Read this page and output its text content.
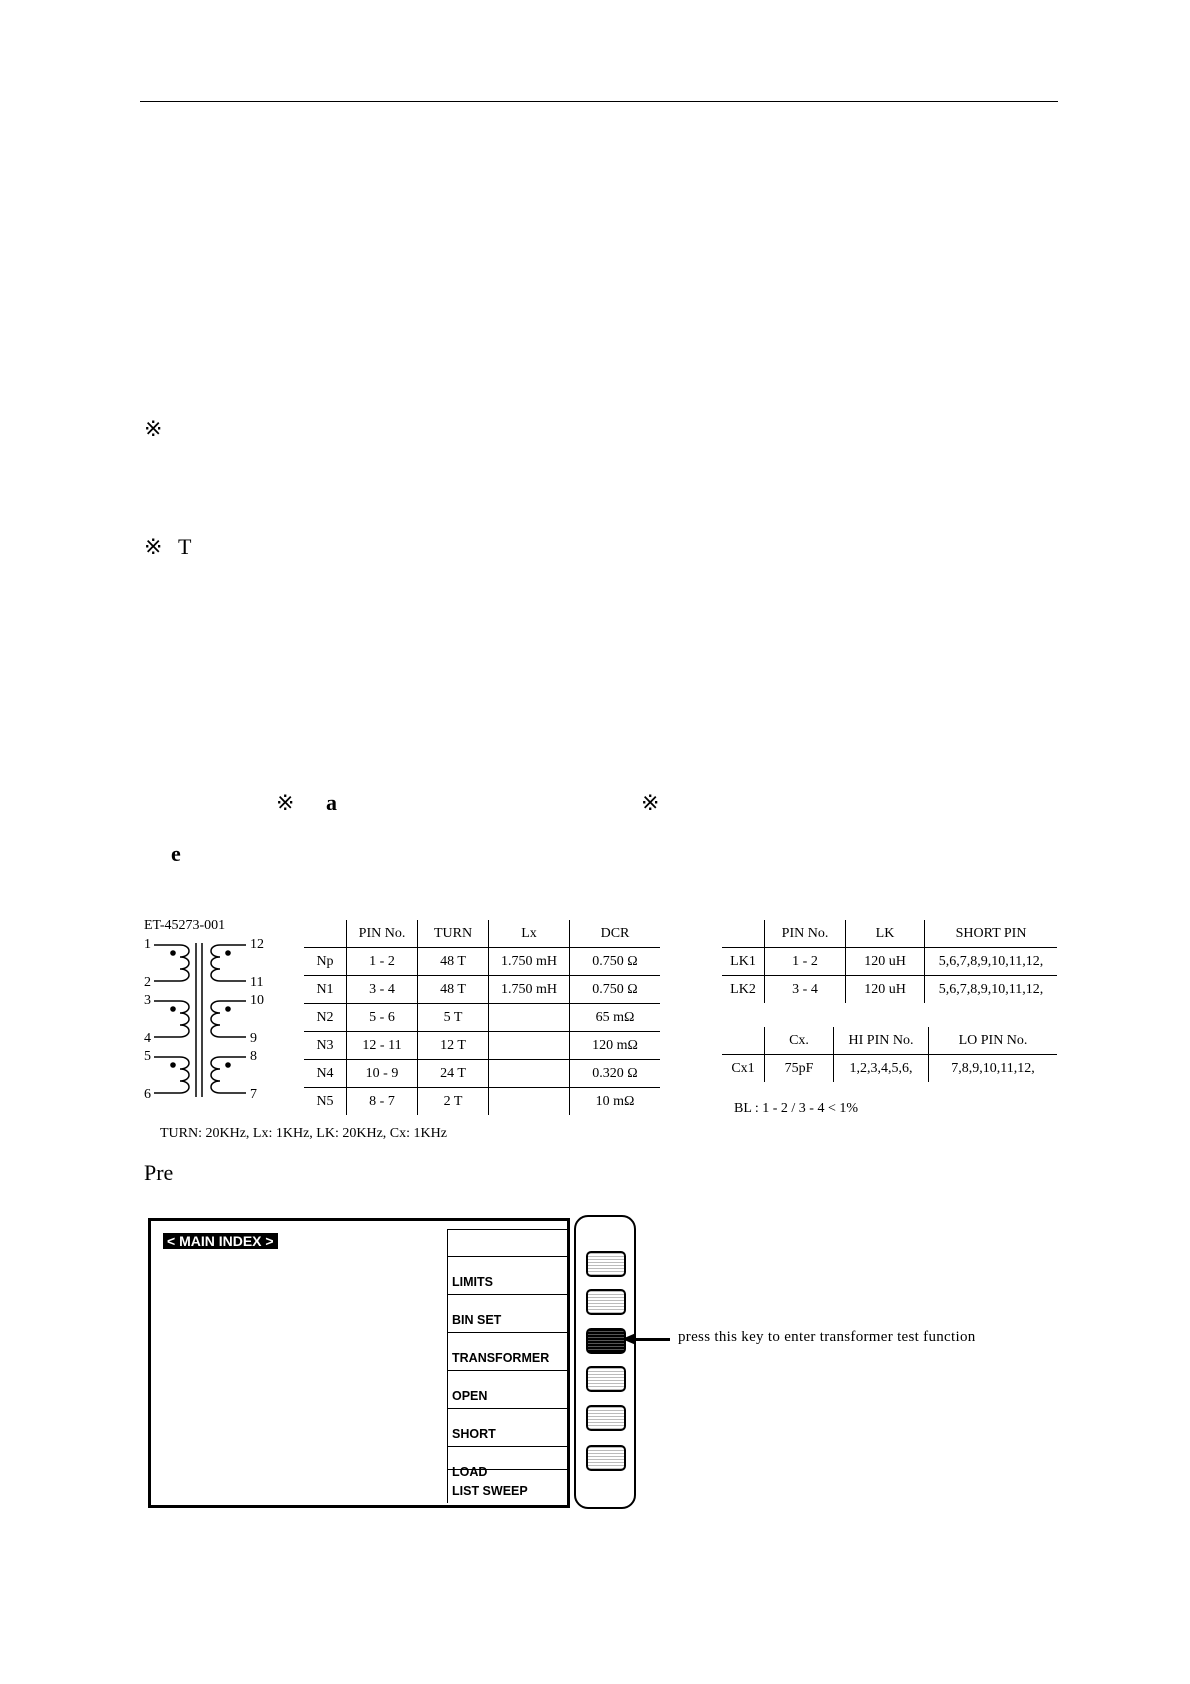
※
※ T
※ a	※
e
Pre
ET-45273-001
1
2
3
4
5
6
12
11
10
9
8
7
	PIN No.	TURN	Lx	DCR
Np	1 - 2	48 T	1.750 mH	0.750 Ω
N1	3 - 4	48 T	1.750 mH	0.750 Ω
N2	5 - 6	5 T		65 mΩ
N3	12 - 11	12 T		120 mΩ
N4	10 - 9	24 T		0.320 Ω
N5	8 - 7	2 T		10 mΩ
TURN: 20KHz, Lx: 1KHz, LK: 20KHz, Cx: 1KHz
	PIN No.	LK	SHORT PIN
LK1	1 - 2	120 uH	5,6,7,8,9,10,11,12,
LK2	3 - 4	120 uH	5,6,7,8,9,10,11,12,
	Cx.	HI PIN No.	LO PIN No.
Cx1	75pF	1,2,3,4,5,6,	7,8,9,10,11,12,
BL : 1 - 2 / 3 - 4 < 1%
< MAIN INDEX >
LIMITS
BIN SET
TRANSFORMER
OPEN
SHORT
LOAD
LIST SWEEP
press this key to enter transformer test function
